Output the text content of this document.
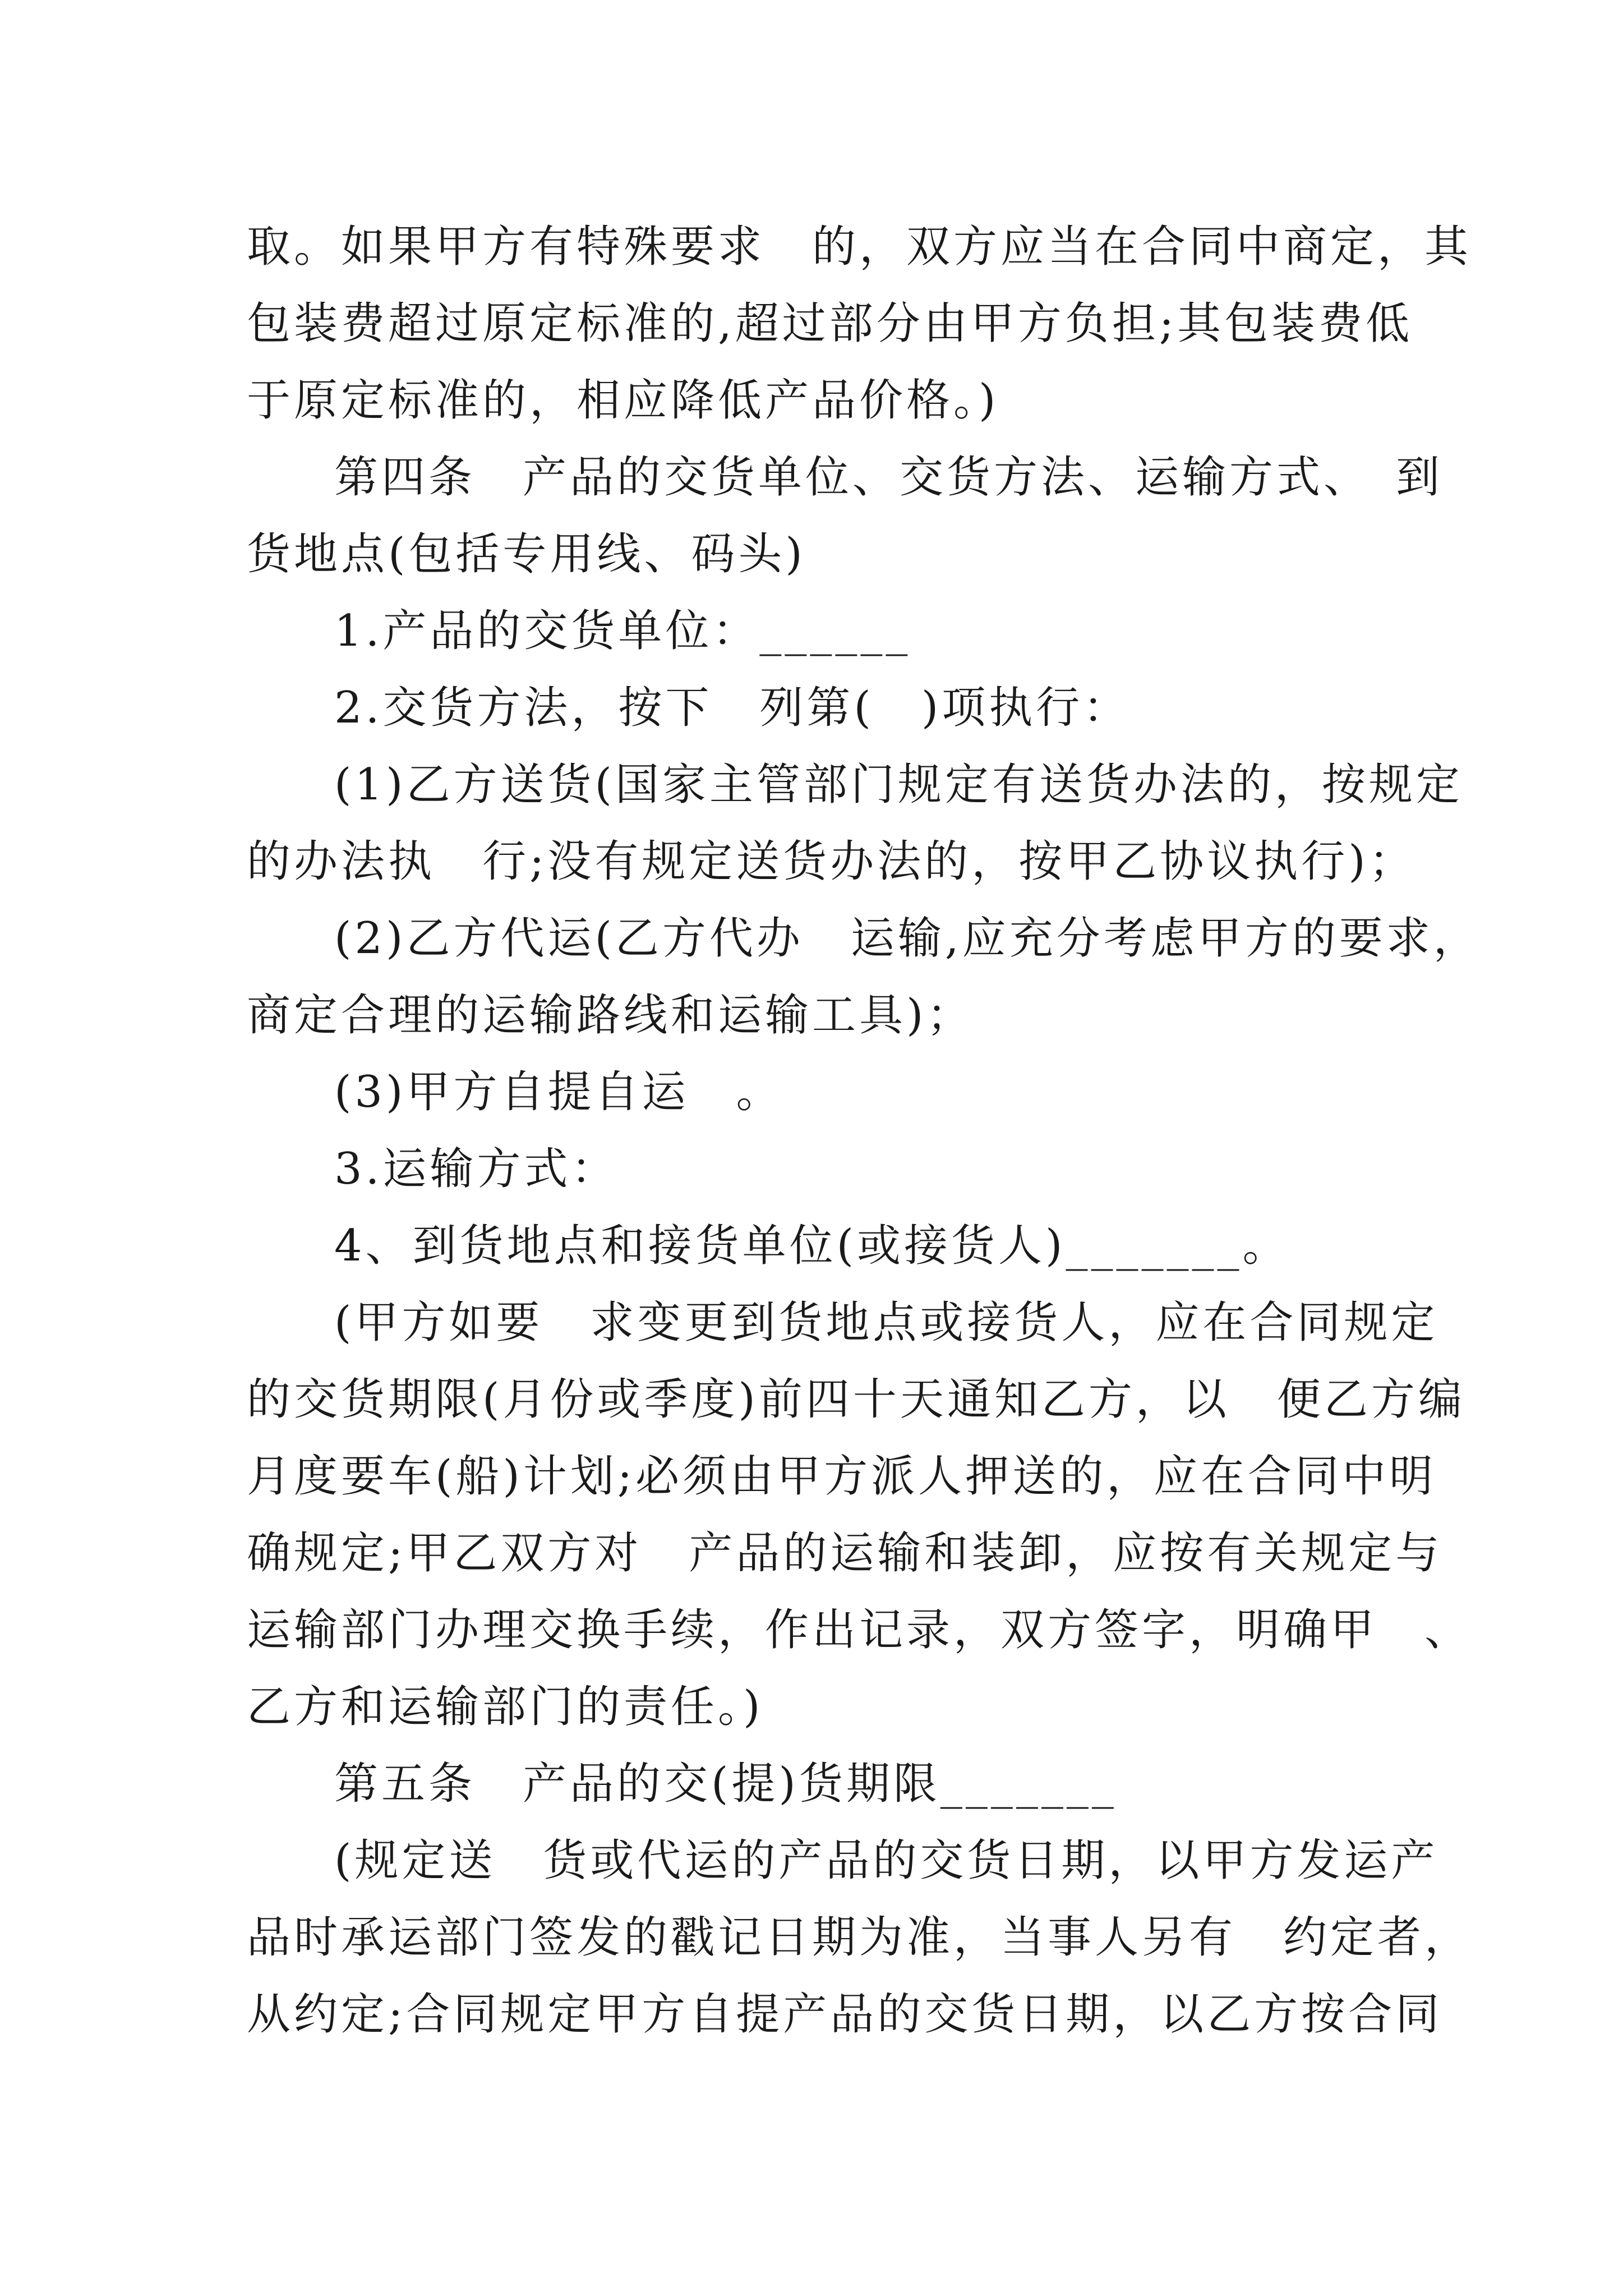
取。如果甲方有特殊要求　的，双方应当在合同中商定，其
包装费超过原定标准的,超过部分由甲方负担;其包装费低
于原定标准的，相应降低产品价格。)
第四条　产品的交货单位、交货方法、运输方式、　到
货地点(包括专用线、码头)
1.产品的交货单位：______
2.交货方法，按下　列第(　)项执行：
(1)乙方送货(国家主管部门规定有送货办法的，按规定
的办法执　行;没有规定送货办法的，按甲乙协议执行)；
(2)乙方代运(乙方代办　运输,应充分考虑甲方的要求，
商定合理的运输路线和运输工具)；
(3)甲方自提自运　。
3.运输方式：
4、到货地点和接货单位(或接货人)_______。
(甲方如要　求变更到货地点或接货人，应在合同规定
的交货期限(月份或季度)前四十天通知乙方，以　便乙方编
月度要车(船)计划;必须由甲方派人押送的，应在合同中明
确规定;甲乙双方对　产品的运输和装卸，应按有关规定与
运输部门办理交换手续，作出记录，双方签字，明确甲　、
乙方和运输部门的责任。)
第五条　产品的交(提)货期限_______
(规定送　货或代运的产品的交货日期，以甲方发运产
品时承运部门签发的戳记日期为准，当事人另有　约定者，
从约定;合同规定甲方自提产品的交货日期，以乙方按合同
